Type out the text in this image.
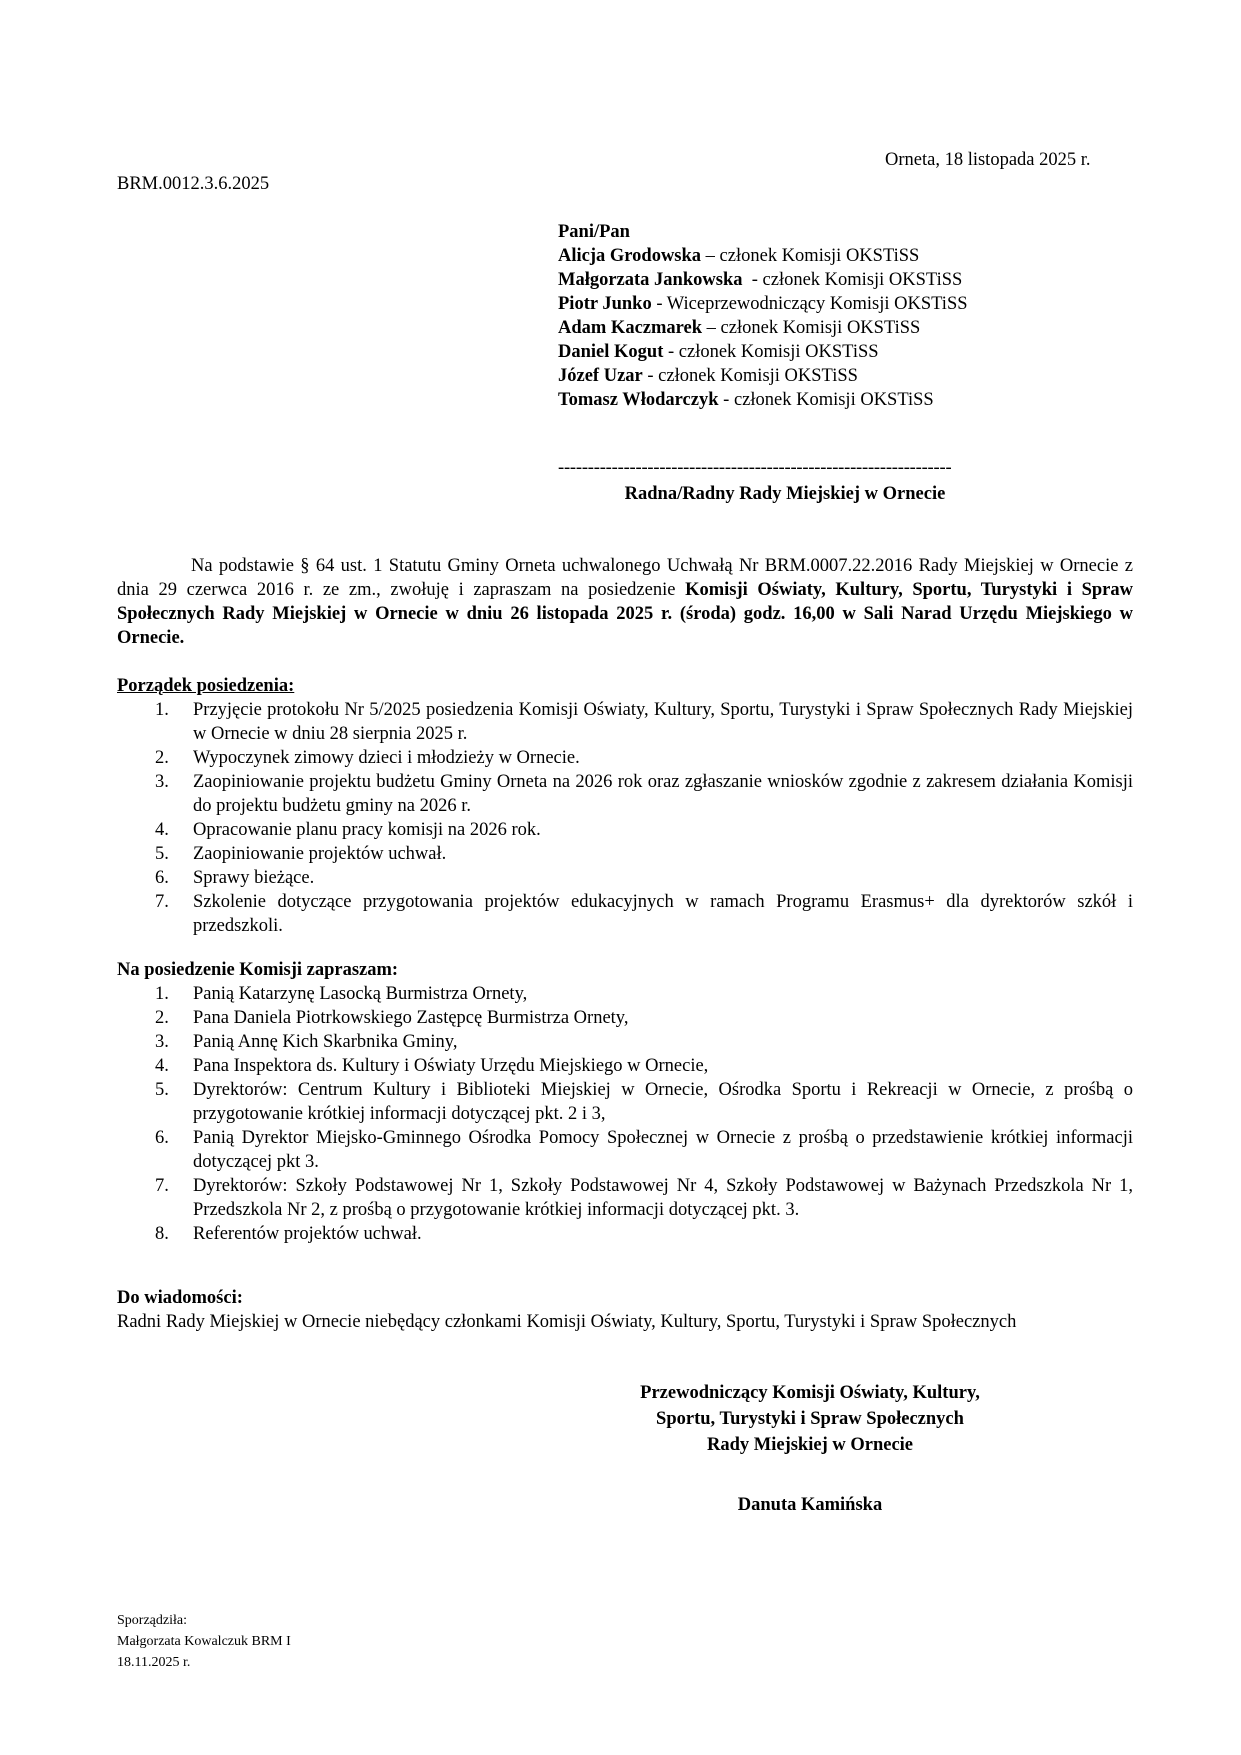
Orneta, 18 listopada 2025 r.
BRM.0012.3.6.2025
Pani/Pan
Alicja Grodowska – członek Komisji OKSTiSS
Małgorzata Jankowska  - członek Komisji OKSTiSS
Piotr Junko - Wiceprzewodniczący Komisji OKSTiSS
Adam Kaczmarek – członek Komisji OKSTiSS
Daniel Kogut - członek Komisji OKSTiSS
Józef Uzar - członek Komisji OKSTiSS
Tomasz Włodarczyk - członek Komisji OKSTiSS
------------------------------------------------------------------
Radna/Radny Rady Miejskiej w Ornecie
Na podstawie § 64 ust. 1 Statutu Gminy Orneta uchwalonego Uchwałą Nr BRM.0007.22.2016 Rady Miejskiej w Ornecie z dnia 29 czerwca 2016 r. ze zm., zwołuję i zapraszam na posiedzenie Komisji Oświaty, Kultury, Sportu, Turystyki i Spraw Społecznych Rady Miejskiej w Ornecie w dniu 26 listopada 2025 r. (środa) godz. 16,00 w Sali Narad Urzędu Miejskiego w Ornecie.
Porządek posiedzenia:
1. Przyjęcie protokołu Nr 5/2025 posiedzenia Komisji Oświaty, Kultury, Sportu, Turystyki i Spraw Społecznych Rady Miejskiej w Ornecie w dniu 28 sierpnia 2025 r.
2. Wypoczynek zimowy dzieci i młodzieży w Ornecie.
3. Zaopiniowanie projektu budżetu Gminy Orneta na 2026 rok oraz zgłaszanie wniosków zgodnie z zakresem działania Komisji do projektu budżetu gminy na 2026 r.
4. Opracowanie planu pracy komisji na 2026 rok.
5. Zaopiniowanie projektów uchwał.
6. Sprawy bieżące.
7. Szkolenie dotyczące przygotowania projektów edukacyjnych w ramach Programu Erasmus+ dla dyrektorów szkół i przedszkoli.
Na posiedzenie Komisji zapraszam:
1. Panią Katarzynę Lasocką Burmistrza Ornety,
2. Pana Daniela Piotrkowskiego Zastępcę Burmistrza Ornety,
3. Panią Annę Kich Skarbnika Gminy,
4. Pana Inspektora ds. Kultury i Oświaty Urzędu Miejskiego w Ornecie,
5. Dyrektorów: Centrum Kultury i Biblioteki Miejskiej w Ornecie, Ośrodka Sportu i Rekreacji w Ornecie, z prośbą o przygotowanie krótkiej informacji dotyczącej pkt. 2 i 3,
6. Panią Dyrektor Miejsko-Gminnego Ośrodka Pomocy Społecznej w Ornecie z prośbą o przedstawienie krótkiej informacji dotyczącej pkt 3.
7. Dyrektorów: Szkoły Podstawowej Nr 1, Szkoły Podstawowej Nr 4, Szkoły Podstawowej w Bażynach Przedszkola Nr 1, Przedszkola Nr 2, z prośbą o przygotowanie krótkiej informacji dotyczącej pkt. 3.
8. Referentów projektów uchwał.
Do wiadomości:
Radni Rady Miejskiej w Ornecie niebędący członkami Komisji Oświaty, Kultury, Sportu, Turystyki i Spraw Społecznych
Przewodniczący Komisji Oświaty, Kultury,
Sportu, Turystyki i Spraw Społecznych
Rady Miejskiej w Ornecie
Danuta Kamińska
Sporządziła:
Małgorzata Kowalczuk BRM I
18.11.2025 r.
